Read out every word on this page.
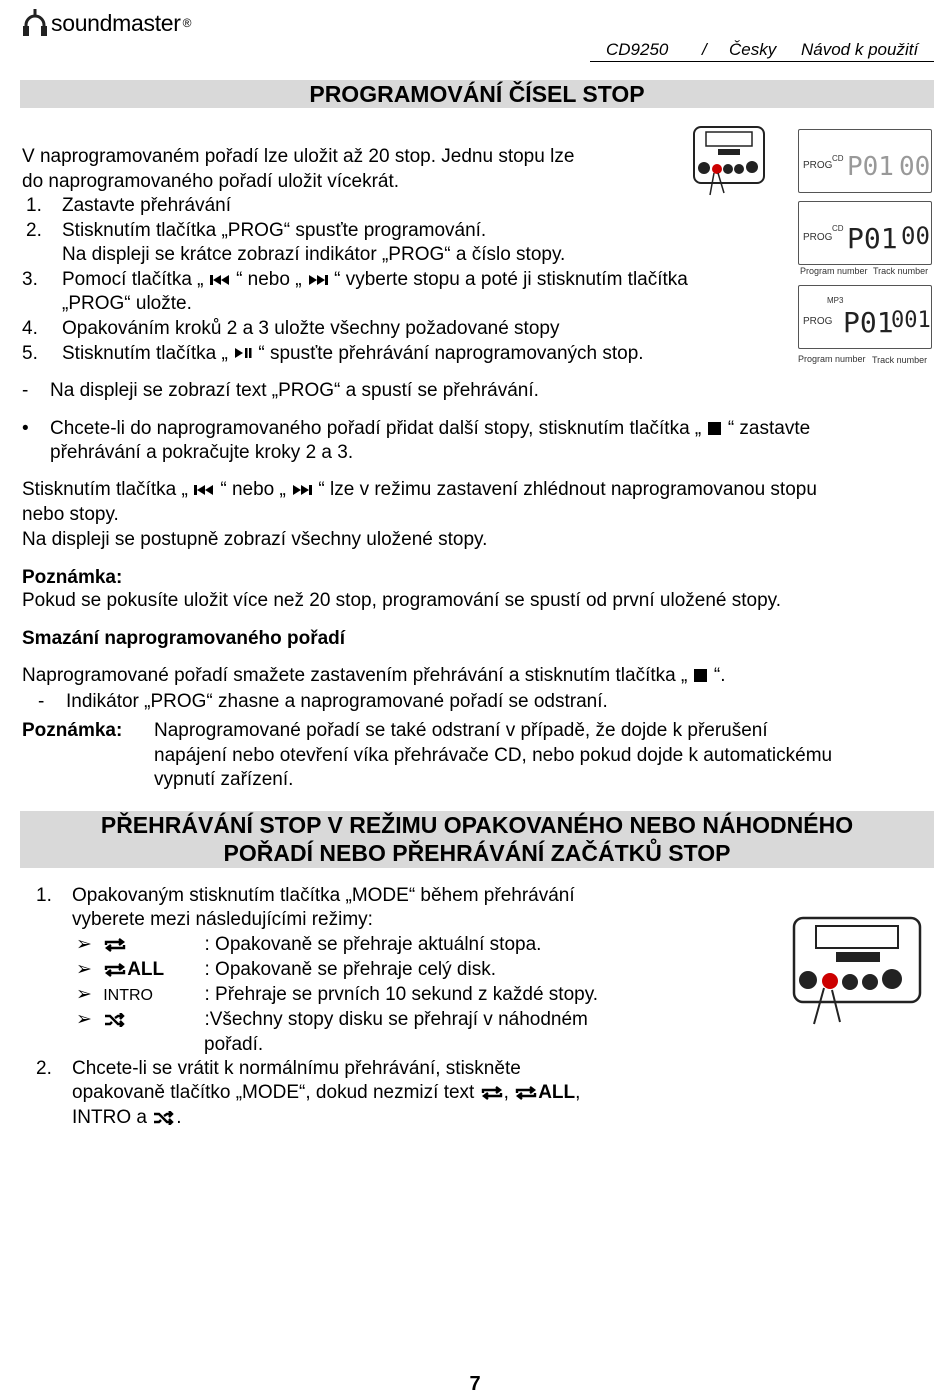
soundmaster ®
CD9250 / Česky Návod k použití
PROGRAMOVÁNÍ ČÍSEL STOP
V naprogramovaném pořadí lze uložit až 20 stop. Jednu stopu lze
do naprogramovaného pořadí uložit vícekrát.
1. Zastavte přehrávání
2. Stisknutím tlačítka „PROG“ spusťte programování.
Na displeji se krátce zobrazí indikátor „PROG“ a číslo stopy.
3. Pomocí tlačítka „ “ nebo „ “ vyberte stopu a poté ji stisknutím tlačítka
„PROG“ uložte.
4. Opakováním kroků 2 a 3 uložte všechny požadované stopy
5. Stisknutím tlačítka „ “ spusťte přehrávání naprogramovaných stop.
- Na displeji se zobrazí text „PROG“ a spustí se přehrávání.
• Chcete-li do naprogramovaného pořadí přidat další stopy, stisknutím tlačítka „ “ zastavte
přehrávání a pokračujte kroky 2 a 3.
Stisknutím tlačítka „ “ nebo „ “ lze v režimu zastavení zhlédnout naprogramovanou stopu
nebo stopy.
Na displeji se postupně zobrazí všechny uložené stopy.
Poznámka:
Pokud se pokusíte uložit více než 20 stop, programování se spustí od první uložené stopy.
Smazání naprogramovaného pořadí
Naprogramované pořadí smažete zastavením přehrávání a stisknutím tlačítka „ “.
- Indikátor „PROG“ zhasne a naprogramované pořadí se odstraní.
Poznámka: Naprogramované pořadí se také odstraní v případě, že dojde k přerušení
napájení nebo otevření víka přehrávače CD, nebo pokud dojde k automatickému
vypnutí zařízení.
PŘEHRÁVÁNÍ STOP V REŽIMU OPAKOVANÉHO NEBO NÁHODNÉHO
POŘADÍ NEBO PŘEHRÁVÁNÍ ZAČÁTKŮ STOP
1. Opakovaným stisknutím tlačítka „MODE“ během přehrávání
vyberete mezi následujícími režimy:
➢	: Opakovaně se přehraje aktuální stopa.
➢ ALL : Opakovaně se přehraje celý disk.
➢ INTRO	: Přehraje se prvních 10 sekund z každé stopy.
➢	:Všechny stopy disku se přehrají v náhodném
pořadí.
2. Chcete-li se vrátit k normálnímu přehrávání, stiskněte
opakovaně tlačítko „MODE“, dokud nezmizí text , ALL,
INTRO a .
PROG
CD P01 00
PROG
CD P01 00
Program number Track number
PROG
MP3
P01
001
Program number Track number
7
